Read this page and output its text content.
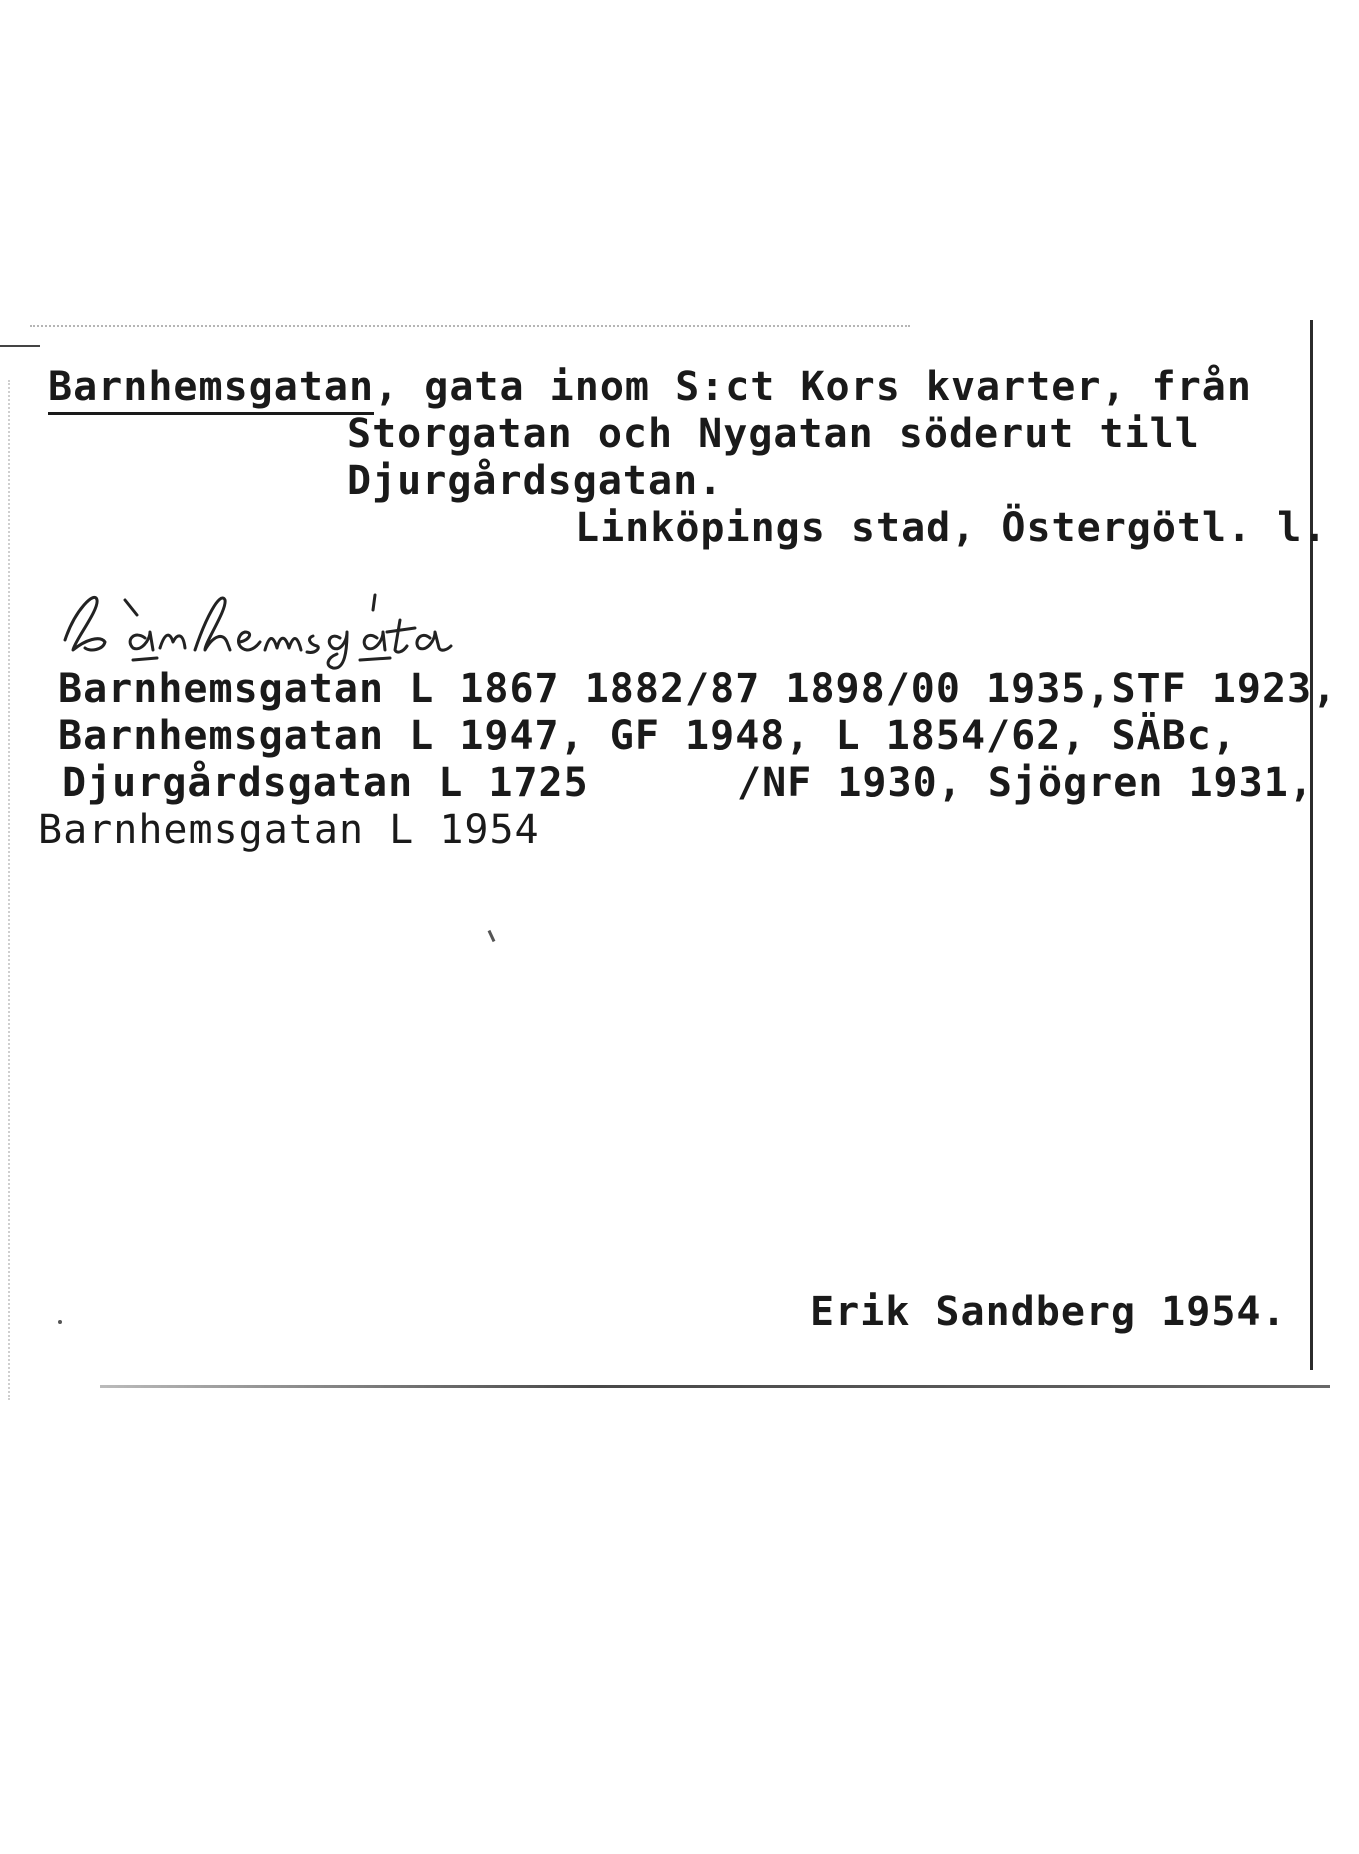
Barnhemsgatan, gata inom S:ct Kors kvarter, från
Storgatan och Nygatan söderut till
Djurgårdsgatan.
Linköpings stad, Östergötl. l.
Barnhemsgatan L 1867 1882/87 1898/00 1935,STF 1923,
Barnhemsgatan L 1947, GF 1948, L 1854/62, SÄBc,
Djurgårdsgatan L 1725	/NF 1930, Sjögren 1931,
Barnhemsgatan L 1954
Erik Sandberg 1954.
